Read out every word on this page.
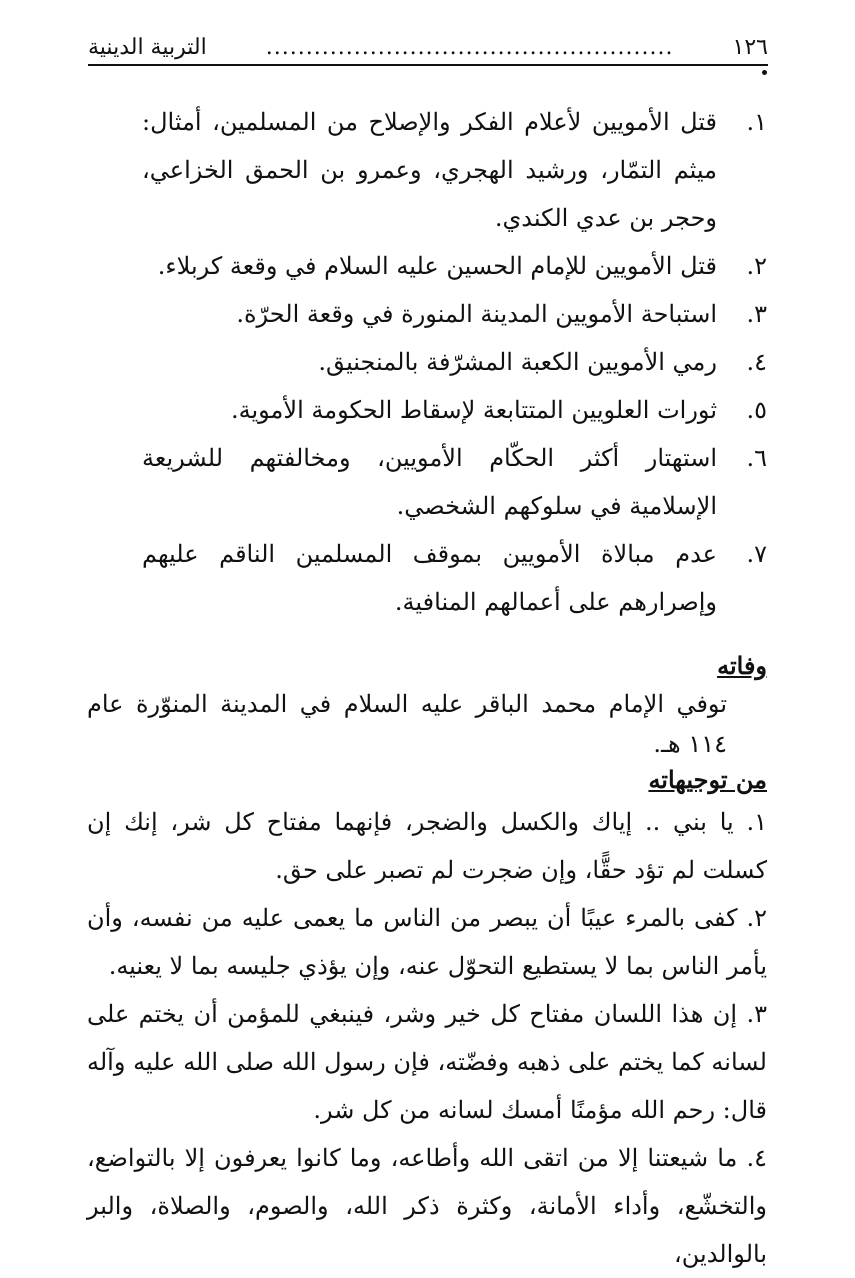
١٢٦
...................................................
التربية الدينية
١.
قتل الأمويين لأعلام الفكر والإصلاح من المسلمين، أمثال: ميثم التمّار، ورشيد الهجري، وعمرو بن الحمق الخزاعي، وحجر بن عدي الكندي.
٢.
قتل الأمويين للإمام الحسين عليه السلام في وقعة كربلاء.
٣.
استباحة الأمويين المدينة المنورة في وقعة الحرّة.
٤.
رمي الأمويين الكعبة المشرّفة بالمنجنيق.
٥.
ثورات العلويين المتتابعة لإسقاط الحكومة الأموية.
٦.
استهتار أكثر الحكّام الأمويين، ومخالفتهم للشريعة الإسلامية في سلوكهم الشخصي.
٧.
عدم مبالاة الأمويين بموقف المسلمين الناقم عليهم وإصرارهم على أعمالهم المنافية.
وفاته
توفي الإمام محمد الباقر عليه السلام في المدينة المنوّرة عام ١١٤ هـ.
من توجيهاته
١. يا بني .. إياك والكسل والضجر، فإنهما مفتاح كل شر، إنك إن كسلت لم تؤد حقًّا، وإن ضجرت لم تصبر على حق.
٢. كفى بالمرء عيبًا أن يبصر من الناس ما يعمى عليه من نفسه، وأن يأمر الناس بما لا يستطيع التحوّل عنه، وإن يؤذي جليسه بما لا يعنيه.
٣. إن هذا اللسان مفتاح كل خير وشر، فينبغي للمؤمن أن يختم على لسانه كما يختم على ذهبه وفضّته، فإن رسول الله صلى الله عليه وآله قال: رحم الله مؤمنًا أمسك لسانه من كل شر.
٤. ما شيعتنا إلا من اتقى الله وأطاعه، وما كانوا يعرفون إلا بالتواضع، والتخشّع، وأداء الأمانة، وكثرة ذكر الله، والصوم، والصلاة، والبر بالوالدين،
